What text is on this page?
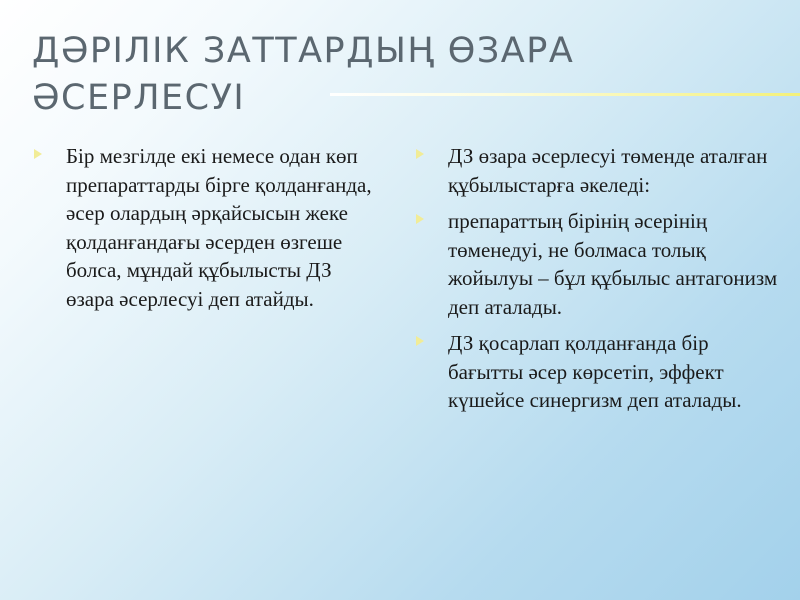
ДӘРІЛІК ЗАТТАРДЫҢ ӨЗАРА ӘСЕРЛЕСУІ

Бір мезгілде екі немесе одан көп препараттарды бірге қолданғанда, әсер олардың әрқайсысын жеке қолданғандағы әсерден өзгеше болса, мұндай құбылысты ДЗ өзара әсерлесуі деп атайды.

ДЗ өзара әсерлесуі төменде аталған құбылыстарға әкеледі:

препараттың бірінің әсерінің төменедуі, не болмаса толық жойылуы – бұл құбылыс антагонизм деп аталады.

ДЗ қосарлап қолданғанда бір бағытты әсер көрсетіп, эффект күшейсе синергизм деп аталады.
